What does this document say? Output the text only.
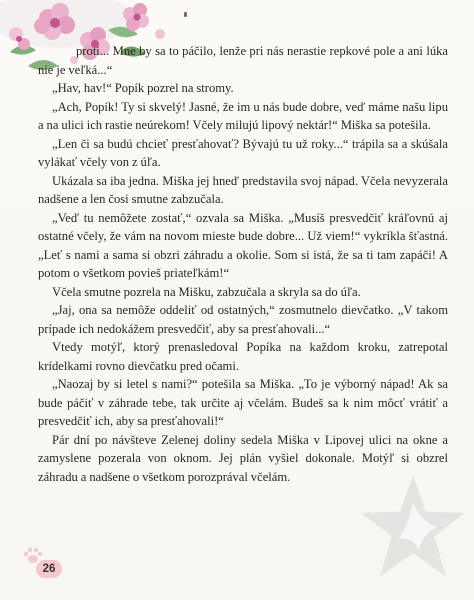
proti... Mne by sa to páčilo, lenže pri nás nerastie repkové pole a ani lúka nie je veľká...“

„Hav, hav!“ Popík pozrel na stromy.

„Ach, Popík! Ty si skvelý! Jasné, že im u nás bude dobre, veď máme našu lipu a na ulici ich rastie neúrekom! Včely milujú lipový nektár!“ Miška sa potešila.

„Len či sa budú chcieť presťahovať? Bývajú tu už roky...“ trápila sa a skúšala vylákať včely von z úľa.

Ukázala sa iba jedna. Miška jej hneď predstavila svoj nápad. Včela nevyzerala nadšene a len čosi smutne zabzučala.

„Veď tu nemôžete zostať,“ ozvala sa Miška. „Musíš presvedčiť kráľovnú aj ostatné včely, že vám na novom mieste bude dobre... Už viem!“ vykríkla šťastná. „Leť s nami a sama si obzri záhradu a okolie. Som si istá, že sa ti tam zapáči! A potom o všetkom povieš priateľkám!“

Včela smutne pozrela na Mišku, zabzučala a skryla sa do úľa.

„Jaj, ona sa nemôže oddeliť od ostatných,“ zosmutnelo dievčatko. „V takom prípade ich nedokážem presvedčiť, aby sa presťahovali...“

Vtedy motýľ, ktorý prenasledoval Popíka na každom kroku, zatrepotal krídelkami rovno dievčatku pred očami.

„Naozaj by si letel s nami?“ potešila sa Miška. „To je výborný nápad! Ak sa bude páčiť v záhrade tebe, tak určite aj včelám. Budeš sa k nim môcť vrátiť a presvedčiť ich, aby sa presťahovali!“

Pár dní po návšteve Zelenej doliny sedela Miška v Lipovej ulici na okne a zamyslene pozerala von oknom. Jej plán vyšiel dokonale. Motýľ si obzrel záhradu a nadšene o všetkom porozprával včelám.

26
